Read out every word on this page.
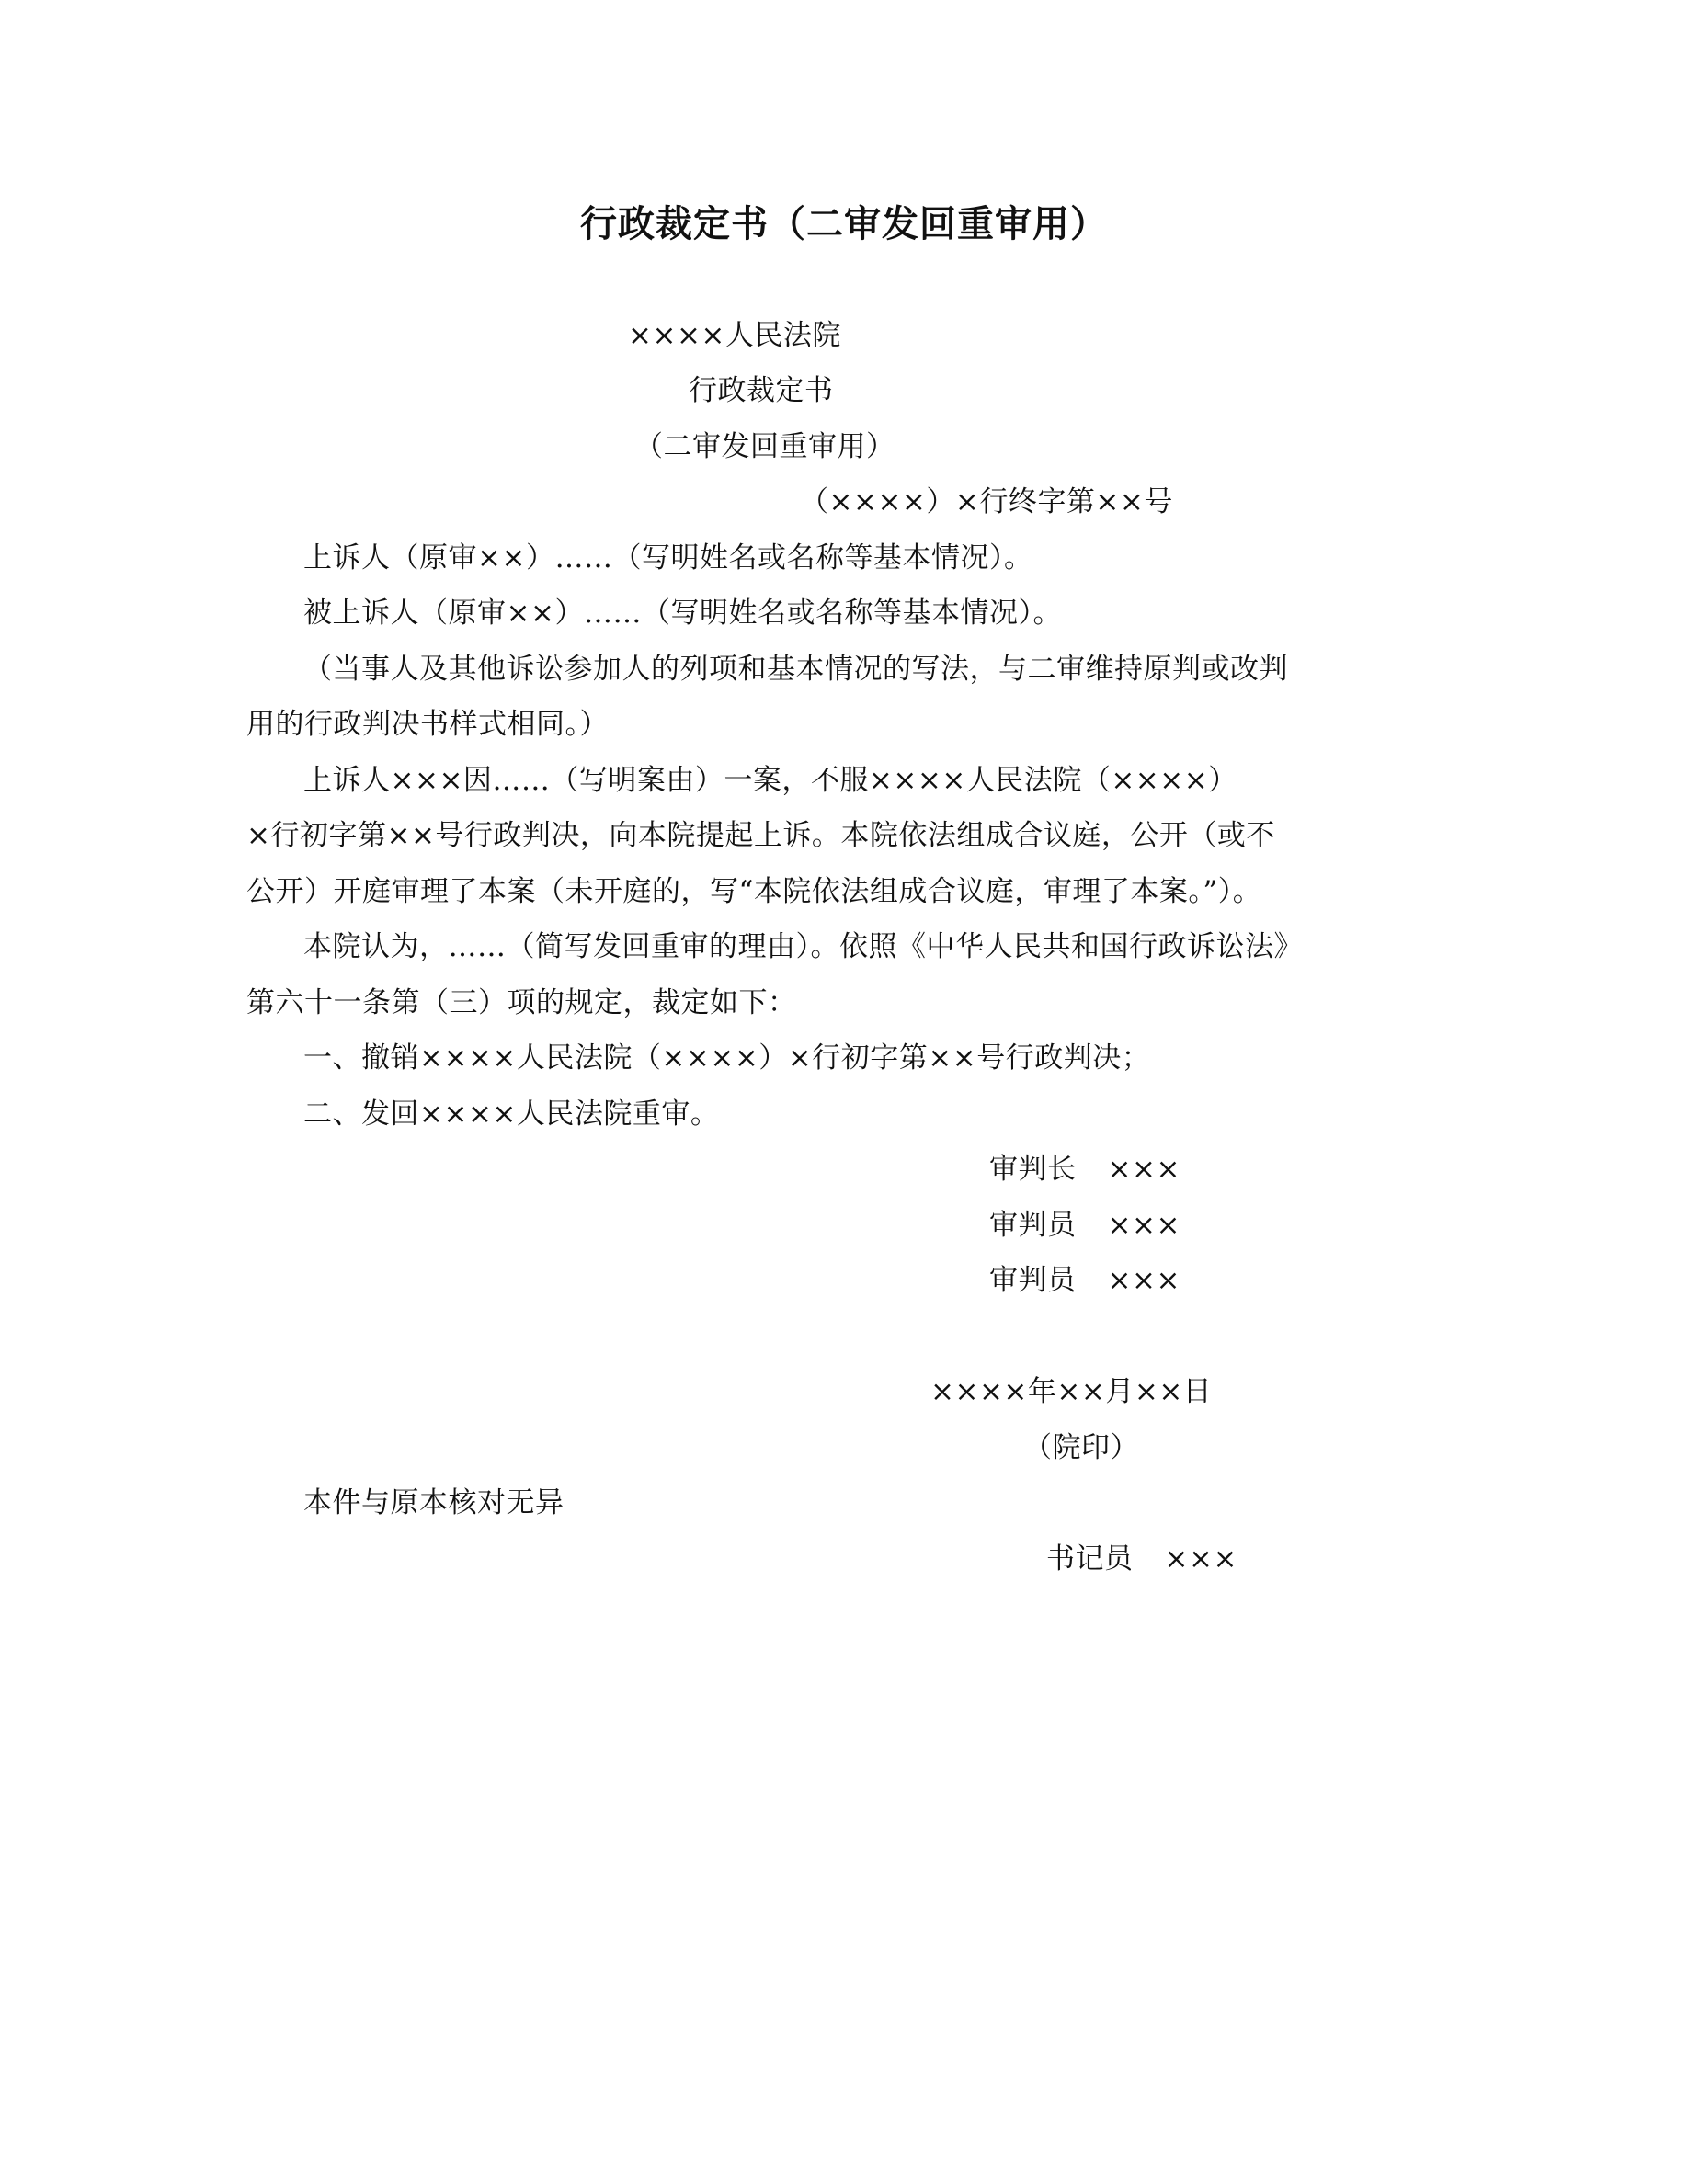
行政裁定书（二审发回重审用）
××××人民法院
行政裁定书
（二审发回重审用）
（××××）×行终字第××号
上诉人（原审××）……（写明姓名或名称等基本情况）。
被上诉人（原审××）……（写明姓名或名称等基本情况）。
（当事人及其他诉讼参加人的列项和基本情况的写法，与二审维持原判或改判
用的行政判决书样式相同。）
上诉人×××因……（写明案由）一案，不服××××人民法院（××××）
×行初字第××号行政判决，向本院提起上诉。本院依法组成合议庭，公开（或不
公开）开庭审理了本案（未开庭的，写“本院依法组成合议庭，审理了本案。”）。
本院认为，……（简写发回重审的理由）。依照《中华人民共和国行政诉讼法》
第六十一条第（三）项的规定，裁定如下：
一、撤销××××人民法院（××××）×行初字第××号行政判决；
二、发回××××人民法院重审。
审判长 ×××
审判员 ×××
审判员 ×××
××××年××月××日
（院印）
本件与原本核对无异
书记员 ×××
